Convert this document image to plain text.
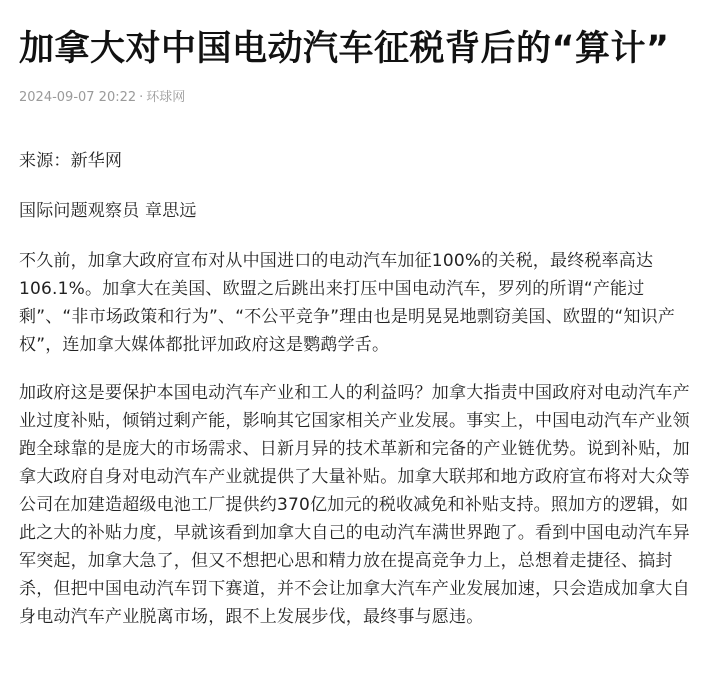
加拿大对中国电动汽车征税背后的“算计”
2024-09-07 20:22 · 环球网

来源：新华网

国际问题观察员 章思远

不久前，加拿大政府宣布对从中国进口的电动汽车加征100%的关税，最终税率高达106.1%。加拿大在美国、欧盟之后跳出来打压中国电动汽车，罗列的所谓“产能过剩”、“非市场政策和行为”、“不公平竞争”理由也是明晃晃地剽窃美国、欧盟的“知识产权”，连加拿大媒体都批评加政府这是鹦鹉学舌。

加政府这是要保护本国电动汽车产业和工人的利益吗？加拿大指责中国政府对电动汽车产业过度补贴，倾销过剩产能，影响其它国家相关产业发展。事实上，中国电动汽车产业领跑全球靠的是庞大的市场需求、日新月异的技术革新和完备的产业链优势。说到补贴，加拿大政府自身对电动汽车产业就提供了大量补贴。加拿大联邦和地方政府宣布将对大众等公司在加建造超级电池工厂提供约370亿加元的税收减免和补贴支持。照加方的逻辑，如此之大的补贴力度，早就该看到加拿大自己的电动汽车满世界跑了。看到中国电动汽车异军突起，加拿大急了，但又不想把心思和精力放在提高竞争力上，总想着走捷径、搞封杀，但把中国电动汽车罚下赛道，并不会让加拿大汽车产业发展加速，只会造成加拿大自身电动汽车产业脱离市场，跟不上发展步伐，最终事与愿违。
